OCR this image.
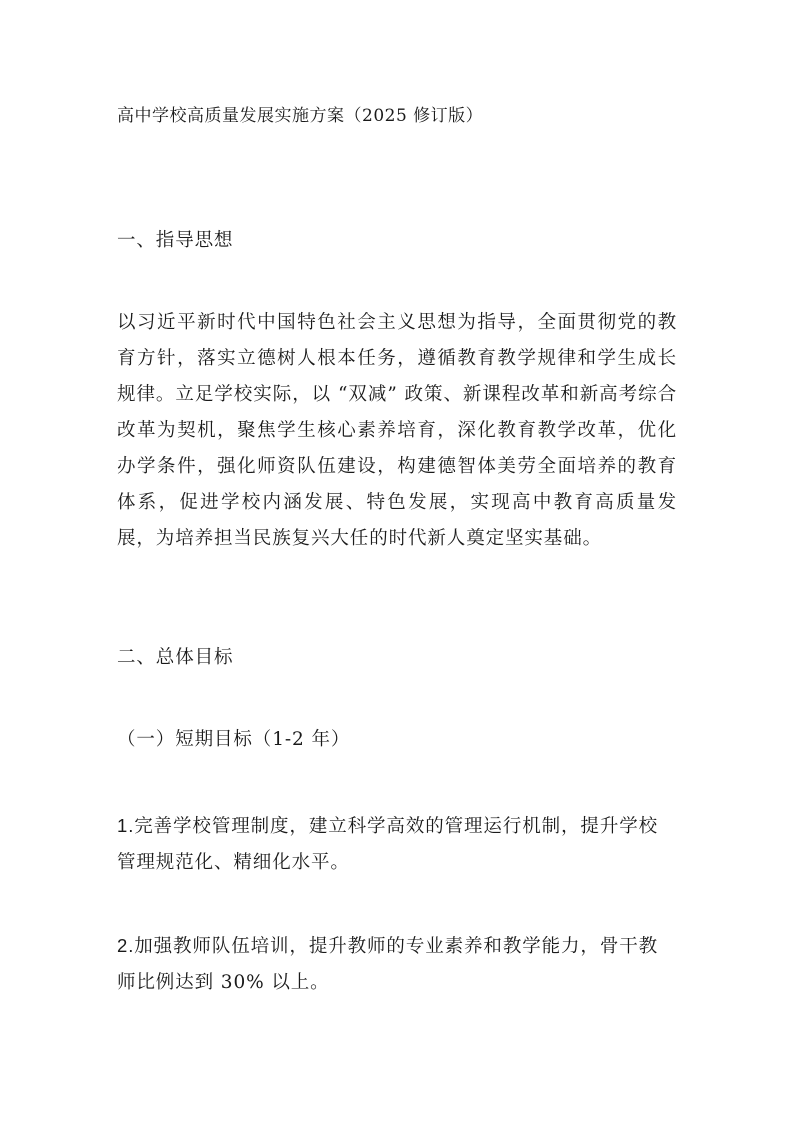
高中学校高质量发展实施方案（2025 修订版）
一、指导思想
以习近平新时代中国特色社会主义思想为指导，全面贯彻党的教育方针，落实立德树人根本任务，遵循教育教学规律和学生成长规律。立足学校实际，以 “双减” 政策、新课程改革和新高考综合改革为契机，聚焦学生核心素养培育，深化教育教学改革，优化办学条件，强化师资队伍建设，构建德智体美劳全面培养的教育体系，促进学校内涵发展、特色发展，实现高中教育高质量发展，为培养担当民族复兴大任的时代新人奠定坚实基础。
二、总体目标
（一）短期目标（1-2 年）
1.完善学校管理制度，建立科学高效的管理运行机制，提升学校管理规范化、精细化水平。
2.加强教师队伍培训，提升教师的专业素养和教学能力，骨干教师比例达到 30% 以上。
